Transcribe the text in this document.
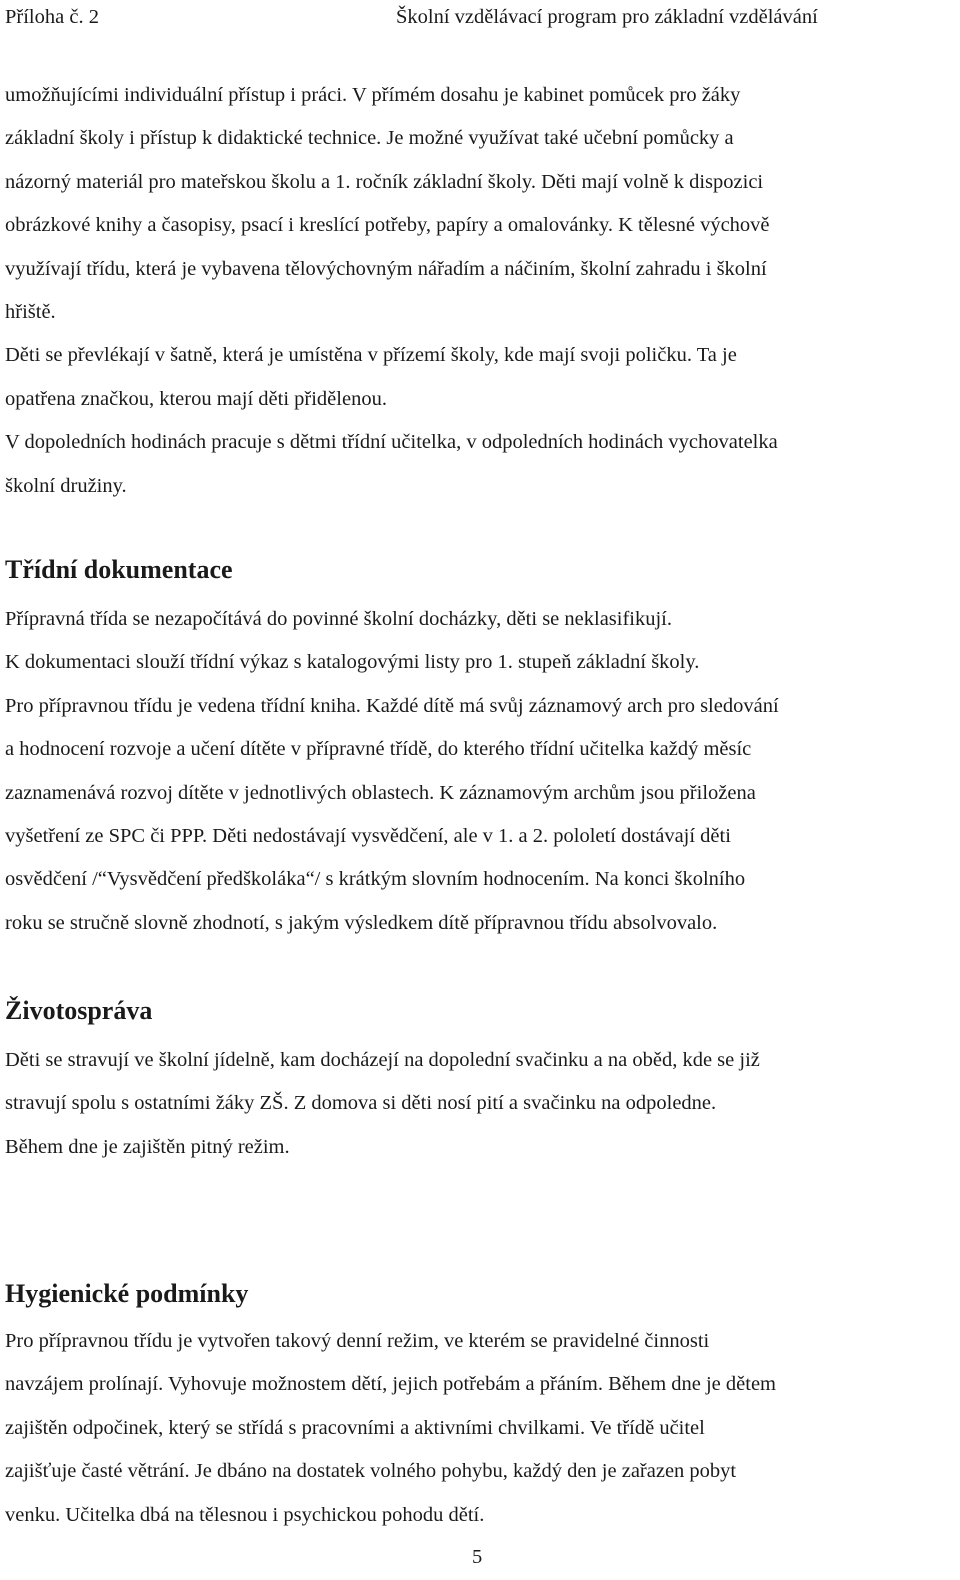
Příloha č. 2	Školní vzdělávací program pro základní vzdělávání

umožňujícími individuální přístup i práci. V přímém dosahu je kabinet pomůcek pro žáky
základní školy i přístup k didaktické technice. Je možné využívat také učební pomůcky a
názorný materiál pro mateřskou školu a 1. ročník základní školy. Děti mají volně k dispozici
obrázkové knihy a časopisy, psací i kreslící potřeby, papíry a omalovánky. K tělesné výchově
využívají třídu, která je vybavena tělovýchovným nářadím a náčiním, školní zahradu i školní
hřiště.
Děti se převlékají v šatně, která je umístěna v přízemí školy, kde mají svoji poličku. Ta je
opatřena značkou, kterou mají děti přidělenou.
V dopoledních hodinách pracuje s dětmi třídní učitelka, v odpoledních hodinách vychovatelka
školní družiny.

Třídní dokumentace

Přípravná třída se nezapočítává do povinné školní docházky, děti se neklasifikují.
K dokumentaci slouží třídní výkaz s katalogovými listy pro 1. stupeň základní školy.
Pro přípravnou třídu je vedena třídní kniha. Každé dítě má svůj záznamový arch pro sledování
a hodnocení rozvoje a učení dítěte v přípravné třídě, do kterého třídní učitelka každý měsíc
zaznamenává rozvoj dítěte v jednotlivých oblastech. K záznamovým archům jsou přiložena
vyšetření ze SPC či PPP. Děti nedostávají vysvědčení, ale v 1. a 2. pololetí dostávají děti
osvědčení /“Vysvědčení předškoláka“/ s krátkým slovním hodnocením. Na konci školního
roku se stručně slovně zhodnotí, s jakým výsledkem dítě přípravnou třídu absolvovalo.

Životospráva

Děti se stravují ve školní jídelně, kam docházejí na dopolední svačinku a na oběd, kde se již
stravují spolu s ostatními žáky ZŠ. Z domova si děti nosí pití a svačinku na odpoledne.
Během dne je zajištěn pitný režim.

Hygienické podmínky

Pro přípravnou třídu je vytvořen takový denní režim, ve kterém se pravidelné činnosti
navzájem prolínají. Vyhovuje možnostem dětí, jejich potřebám a přáním. Během dne je dětem
zajištěn odpočinek, který se střídá s pracovními a aktivními chvilkami. Ve třídě učitel
zajišťuje časté větrání. Je dbáno na dostatek volného pohybu, každý den je zařazen pobyt
venku. Učitelka dbá na tělesnou i psychickou pohodu dětí.

5
